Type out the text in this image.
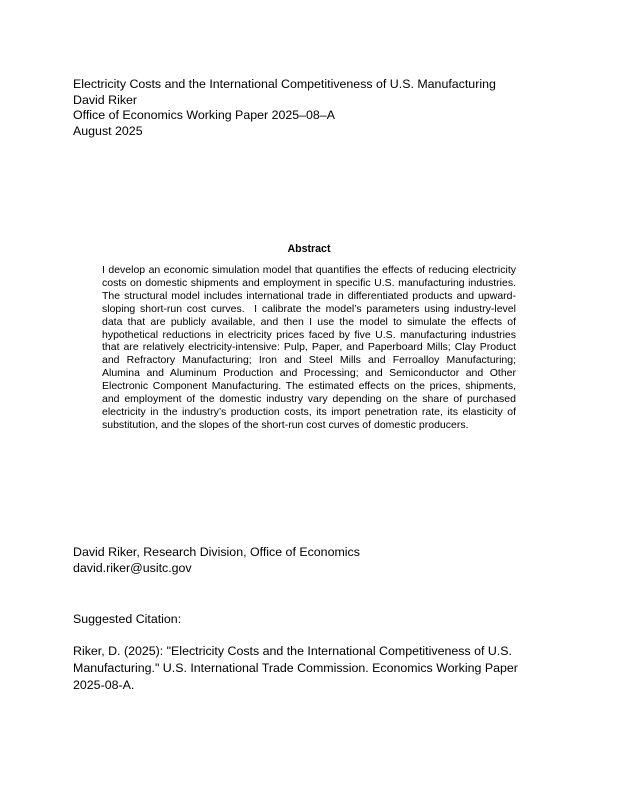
Electricity Costs and the International Competitiveness of U.S. Manufacturing
David Riker
Office of Economics Working Paper 2025–08–A
August 2025
Abstract
I develop an economic simulation model that quantifies the effects of reducing electricity costs on domestic shipments and employment in specific U.S. manufacturing industries. The structural model includes international trade in differentiated products and upward-sloping short-run cost curves.  I calibrate the model’s parameters using industry-level data that are publicly available, and then I use the model to simulate the effects of hypothetical reductions in electricity prices faced by five U.S. manufacturing industries that are relatively electricity-intensive: Pulp, Paper, and Paperboard Mills; Clay Product and Refractory Manufacturing; Iron and Steel Mills and Ferroalloy Manufacturing; Alumina and Aluminum Production and Processing; and Semiconductor and Other Electronic Component Manufacturing. The estimated effects on the prices, shipments, and employment of the domestic industry vary depending on the share of purchased electricity in the industry’s production costs, its import penetration rate, its elasticity of substitution, and the slopes of the short-run cost curves of domestic producers.
David Riker, Research Division, Office of Economics
david.riker@usitc.gov
Suggested Citation:
Riker, D. (2025): "Electricity Costs and the International Competitiveness of U.S. Manufacturing." U.S. International Trade Commission. Economics Working Paper 2025-08-A.
